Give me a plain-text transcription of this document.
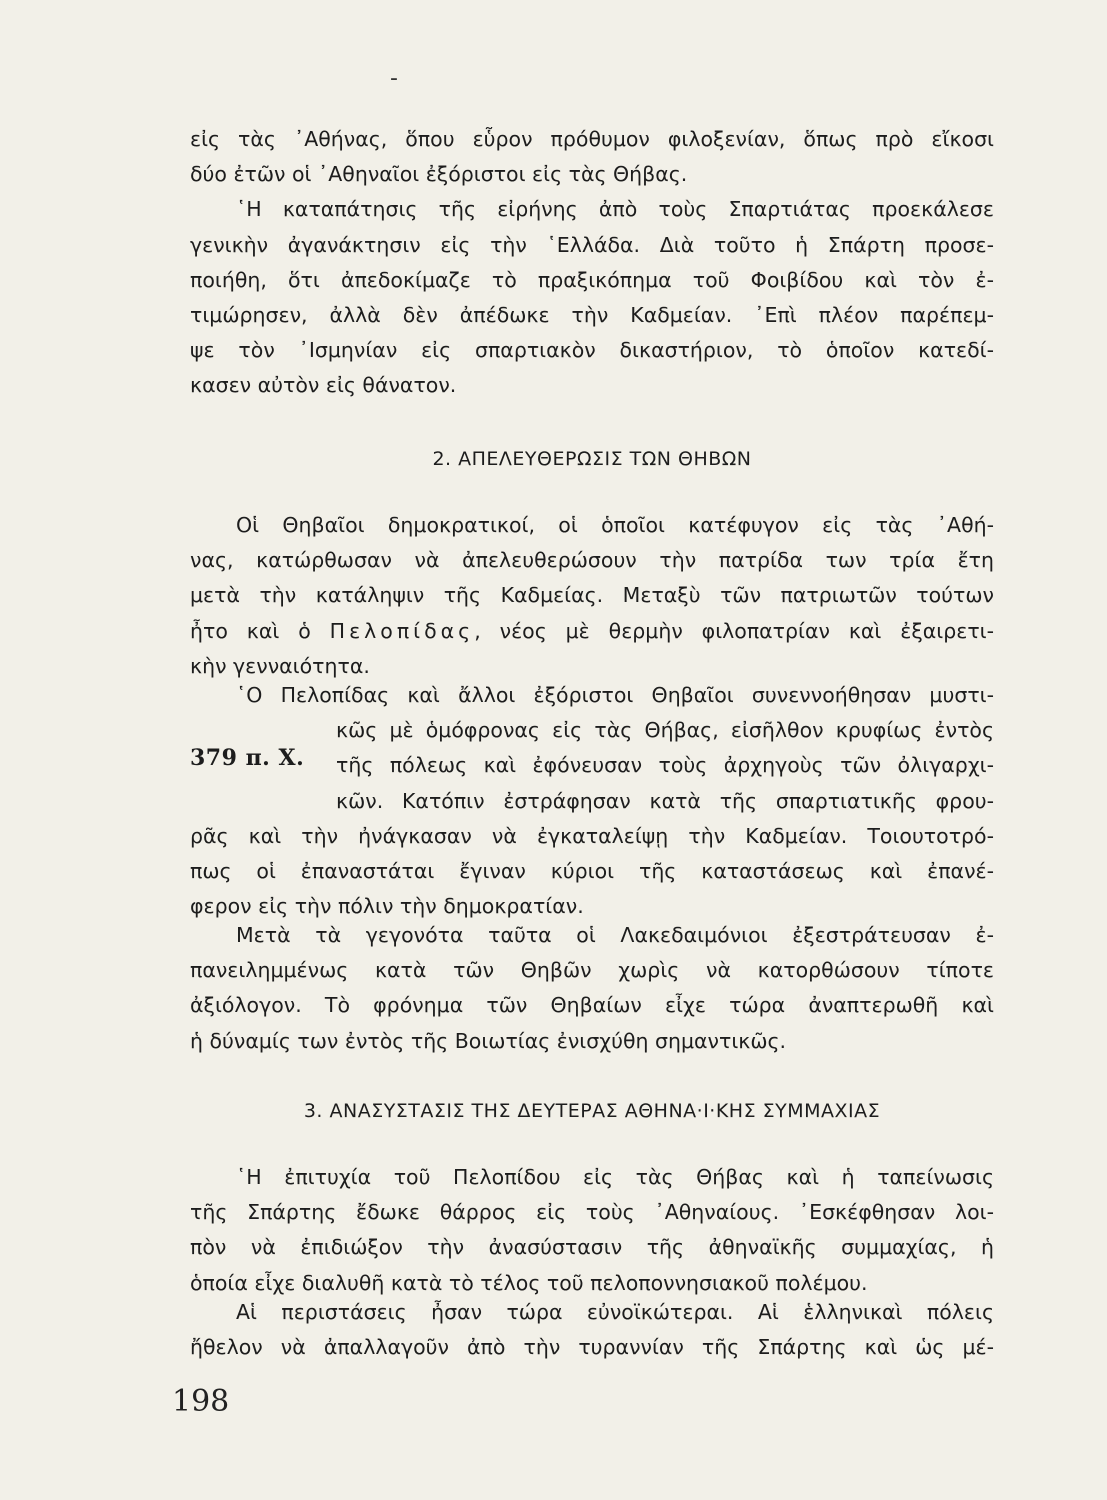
-
εἰς τὰς ᾿Αθήνας, ὅπου εὗρον πρόθυμον φιλοξενίαν, ὅπως πρὸ εἴκοσι
δύο ἐτῶν οἱ ᾿Αθηναῖοι ἐξόριστοι εἰς τὰς Θήβας.
῾Η καταπάτησις τῆς εἰρήνης ἀπὸ τοὺς Σπαρτιάτας προεκάλεσε
γενικὴν ἀγανάκτησιν εἰς τὴν ῾Ελλάδα. Διὰ τοῦτο ἡ Σπάρτη προσε-
ποιήθη, ὅτι ἀπεδοκίμαζε τὸ πραξικόπημα τοῦ Φοιβίδου καὶ τὸν ἐ-
τιμώρησεν, ἀλλὰ δὲν ἀπέδωκε τὴν Καδμείαν. ᾿Επὶ πλέον παρέπεμ-
ψε τὸν ᾿Ισμηνίαν εἰς σπαρτιακὸν δικαστήριον, τὸ ὁποῖον κατεδί-
κασεν αὐτὸν εἰς θάνατον.
2. ΑΠΕΛΕΥΘΕΡΩΣΙΣ ΤΩΝ ΘΗΒΩΝ
Οἱ Θηβαῖοι δημοκρατικοί, οἱ ὁποῖοι κατέφυγον εἰς τὰς ᾿Αθή-
νας, κατώρθωσαν νὰ ἀπελευθερώσουν τὴν πατρίδα των τρία ἔτη
μετὰ τὴν κατάληψιν τῆς Καδμείας. Μεταξὺ τῶν πατριωτῶν τούτων
ἦτο καὶ ὁ Πελοπίδας, νέος μὲ θερμὴν φιλοπατρίαν καὶ ἐξαιρετι-
κὴν γενναιότητα.
379 π. Χ.
῾Ο Πελοπίδας καὶ ἄλλοι ἐξόριστοι Θηβαῖοι συνεννοήθησαν μυστι-
κῶς μὲ ὁμόφρονας εἰς τὰς Θήβας, εἰσῆλθον κρυφίως ἐντὸς
τῆς πόλεως καὶ ἐφόνευσαν τοὺς ἀρχηγοὺς τῶν ὀλιγαρχι-
κῶν. Κατόπιν ἐστράφησαν κατὰ τῆς σπαρτιατικῆς φρου-
ρᾶς καὶ τὴν ἠνάγκασαν νὰ ἐγκαταλείψῃ τὴν Καδμείαν. Τοιουτοτρό-
πως οἱ ἐπαναστάται ἔγιναν κύριοι τῆς καταστάσεως καὶ ἐπανέ-
φερον εἰς τὴν πόλιν τὴν δημοκρατίαν.
Μετὰ τὰ γεγονότα ταῦτα οἱ Λακεδαιμόνιοι ἐξεστράτευσαν ἐ-
πανειλημμένως κατὰ τῶν Θηβῶν χωρὶς νὰ κατορθώσουν τίποτε
ἀξιόλογον. Τὸ φρόνημα τῶν Θηβαίων εἶχε τώρα ἀναπτερωθῆ καὶ
ἡ δύναμίς των ἐντὸς τῆς Βοιωτίας ἐνισχύθη σημαντικῶς.
3. ΑΝΑΣΥΣΤΑΣΙΣ ΤΗΣ ΔΕΥΤΕΡΑΣ ΑΘΗΝΑ·Ι·ΚΗΣ ΣΥΜΜΑΧΙΑΣ
῾Η ἐπιτυχία τοῦ Πελοπίδου εἰς τὰς Θήβας καὶ ἡ ταπείνωσις
τῆς Σπάρτης ἔδωκε θάρρος εἰς τοὺς ᾿Αθηναίους. ᾿Εσκέφθησαν λοι-
πὸν νὰ ἐπιδιώξον τὴν ἀνασύστασιν τῆς ἀθηναϊκῆς συμμαχίας, ἡ
ὁποία εἶχε διαλυθῆ κατὰ τὸ τέλος τοῦ πελοποννησιακοῦ πολέμου.
Αἱ περιστάσεις ἦσαν τώρα εὐνοϊκώτεραι. Αἱ ἑλληνικαὶ πόλεις
ἤθελον νὰ ἀπαλλαγοῦν ἀπὸ τὴν τυραννίαν τῆς Σπάρτης καὶ ὡς μέ-
198
